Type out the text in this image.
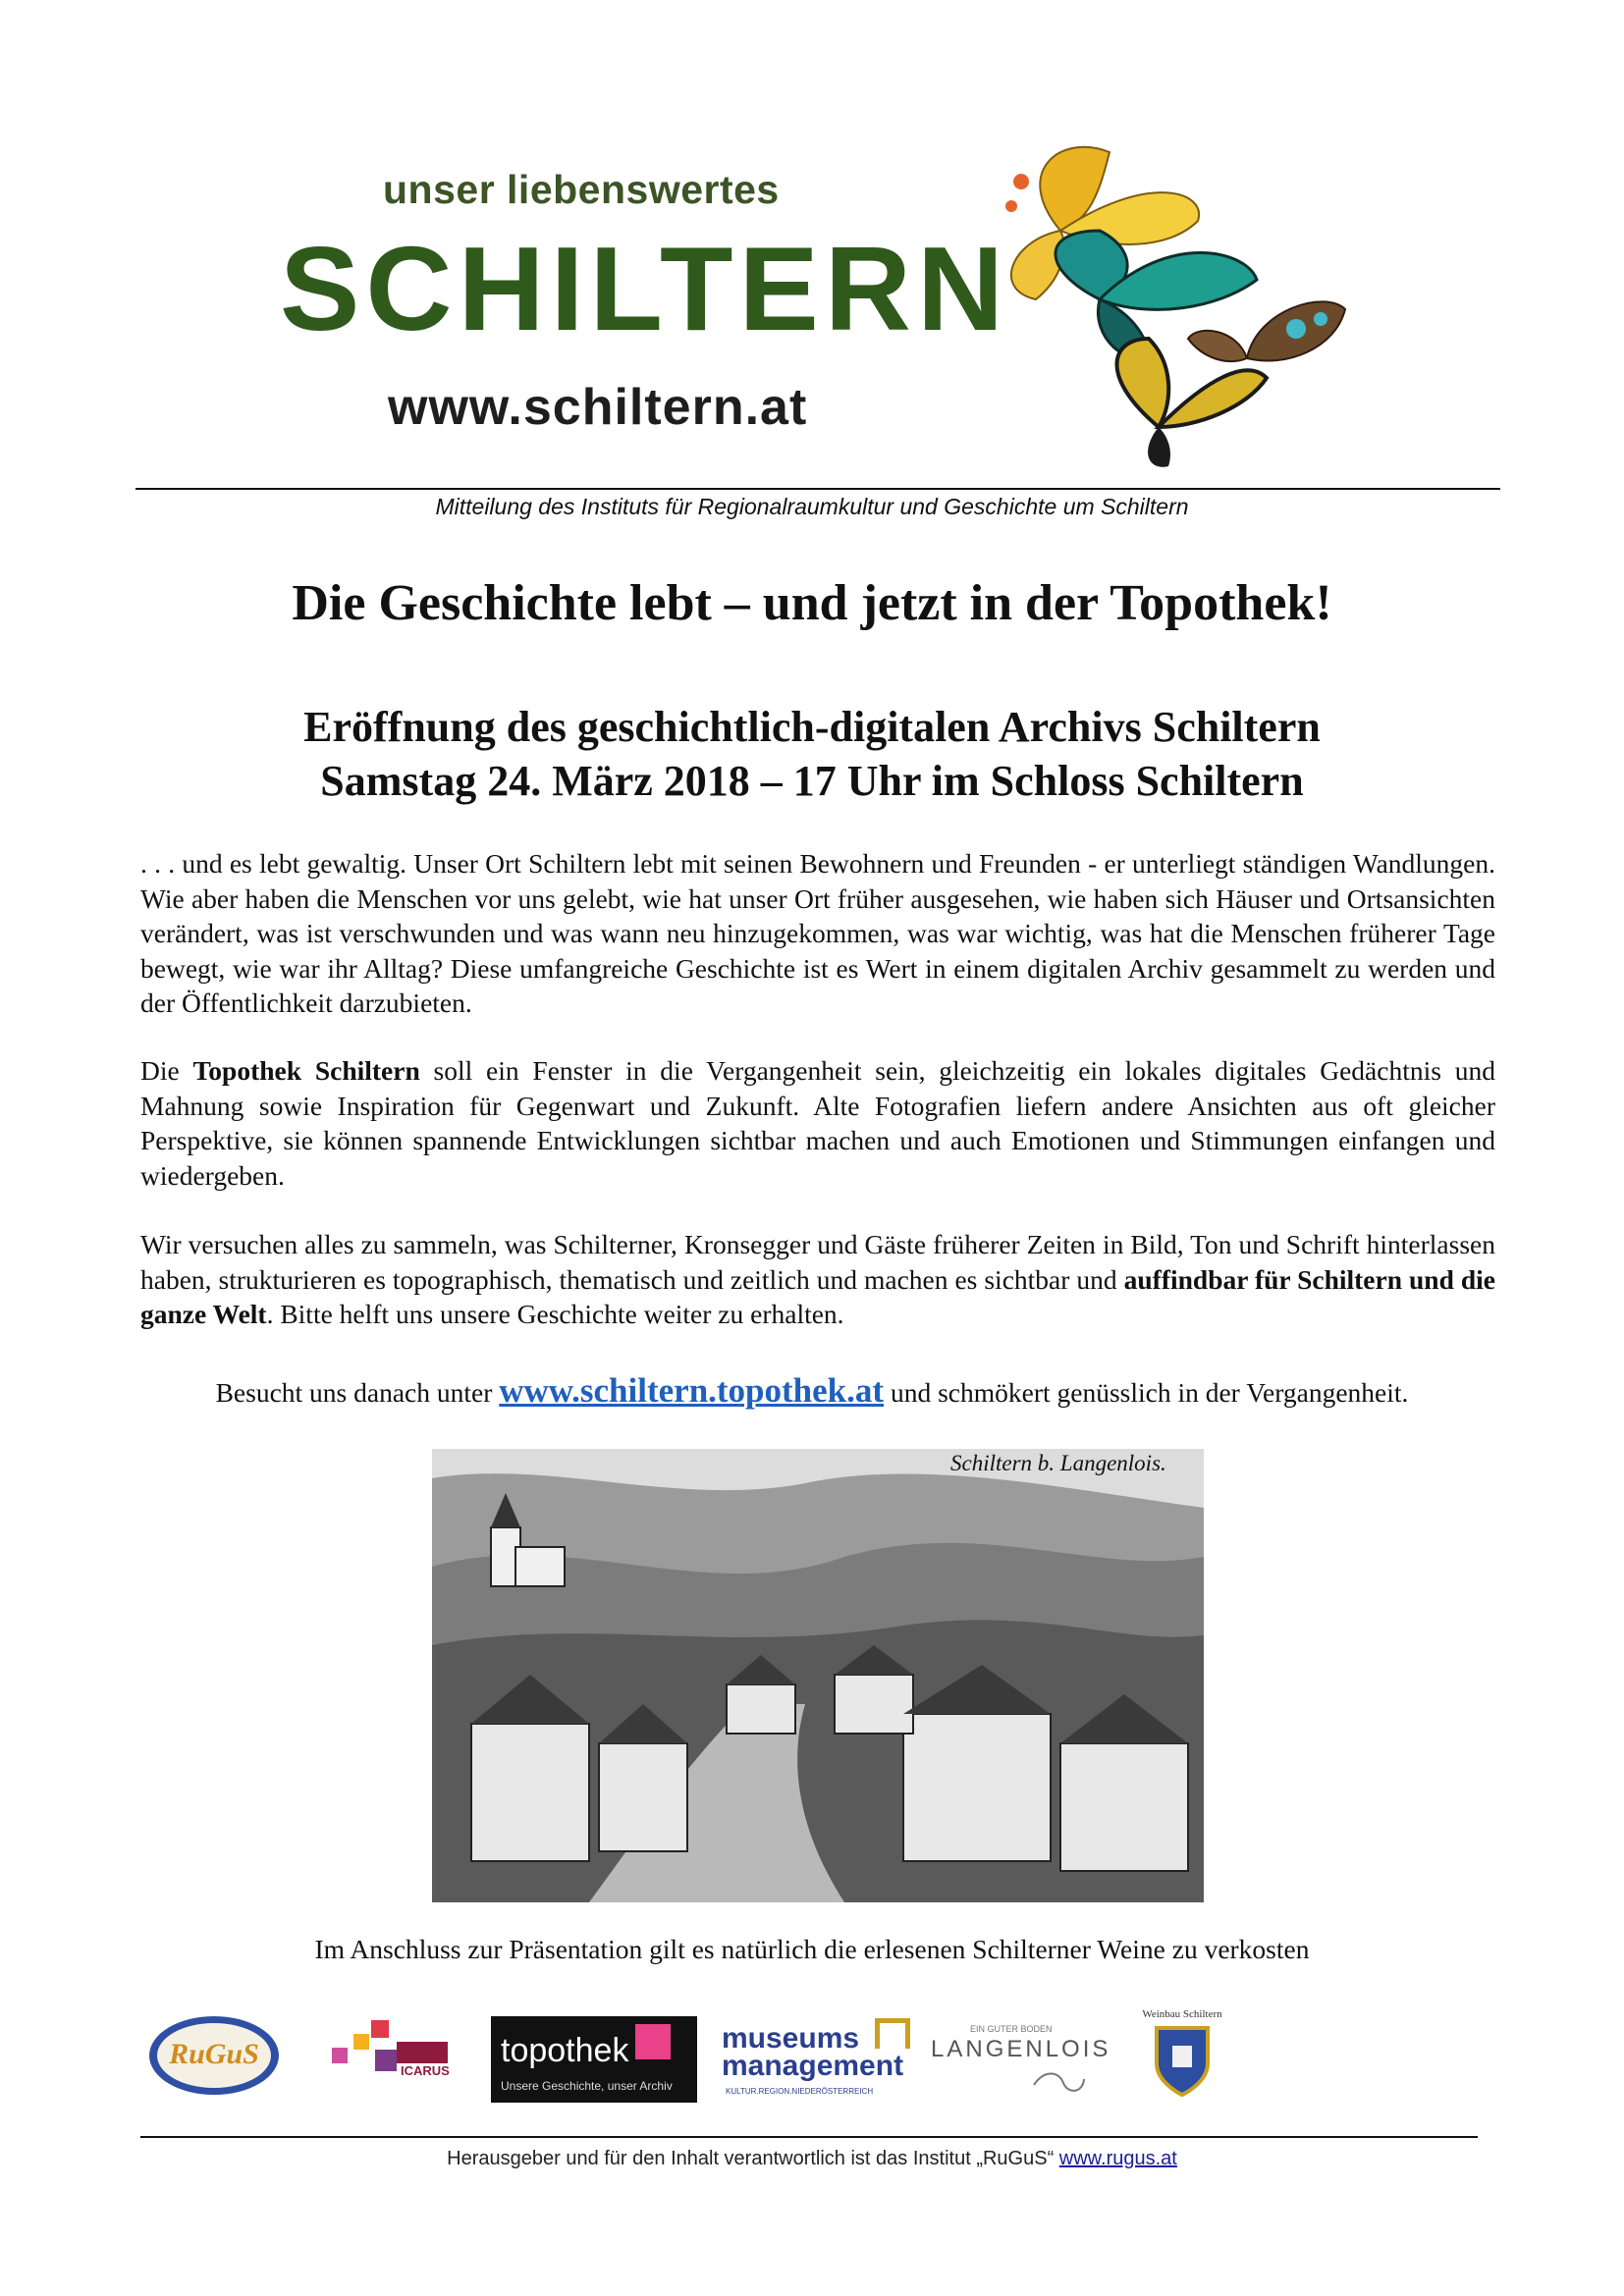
unser liebenswertes
SCHILTERN
www.schiltern.at
Mitteilung des Instituts für Regionalraumkultur und Geschichte um Schiltern
Die Geschichte lebt – und jetzt in der Topothek!
Eröffnung des geschichtlich-digitalen Archivs Schiltern
Samstag 24. März 2018 – 17 Uhr im Schloss Schiltern
. . . und es lebt gewaltig. Unser Ort Schiltern lebt mit seinen Bewohnern und Freunden - er unterliegt ständigen Wandlungen. Wie aber haben die Menschen vor uns gelebt, wie hat unser Ort früher ausgesehen, wie haben sich Häuser und Ortsansichten verändert, was ist verschwunden und was wann neu hinzugekommen, was war wichtig, was hat die Menschen früherer Tage bewegt, wie war ihr Alltag? Diese umfangreiche Geschichte ist es Wert in einem digitalen Archiv gesammelt zu werden und der Öffentlichkeit darzubieten.
Die Topothek Schiltern soll ein Fenster in die Vergangenheit sein, gleichzeitig ein lokales digitales Gedächtnis und Mahnung sowie Inspiration für Gegenwart und Zukunft. Alte Fotografien liefern andere Ansichten aus oft gleicher Perspektive, sie können spannende Entwicklungen sichtbar machen und auch Emotionen und Stimmungen einfangen und wiedergeben.
Wir versuchen alles zu sammeln, was Schilterner, Kronsegger und Gäste früherer Zeiten in Bild, Ton und Schrift hinterlassen haben, strukturieren es topographisch, thematisch und zeitlich und machen es sichtbar und auffindbar für Schiltern und die ganze Welt. Bitte helft uns unsere Geschichte weiter zu erhalten.
Besucht uns danach unter www.schiltern.topothek.at und schmökert genüsslich in der Vergangenheit.
Schiltern b. Langenlois.
Im Anschluss zur Präsentation gilt es natürlich die erlesenen Schilterner Weine zu verkosten
RuGuS
ICARUS
topothek
Unsere Geschichte, unser Archiv
museums
management
KULTUR.REGION.NIEDERÖSTERREICH
EIN GUTER BODEN
LANGENLOIS
Weinbau Schiltern
Herausgeber und für den Inhalt verantwortlich ist das Institut „RuGuS“ www.rugus.at
